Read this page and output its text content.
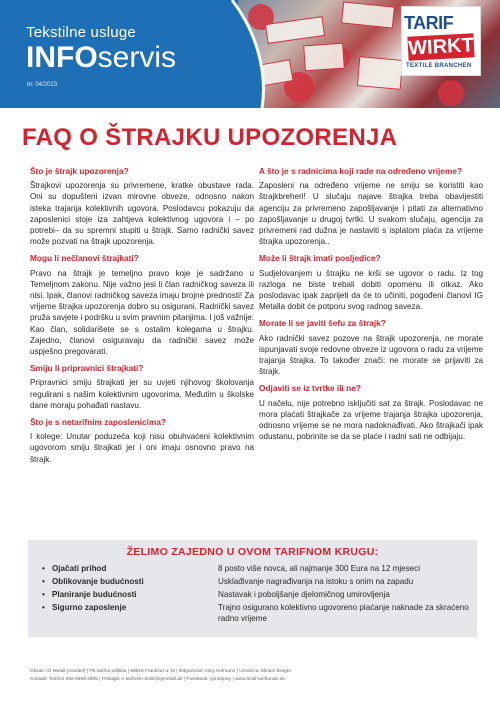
Tekstilne usluge
INFOservis
br. 04/2023
TARIF
WIRKT
TEXTILE BRANCHEN
FAQ O ŠTRAJKU UPOZORENJA
Što je štrajk upozorenja?
Štrajkovi upozorenja su privremene, kratke obustave rada. Oni su dopušteni izvan mirovne obveze, odnosno nakon isteka trajanja kolektivnih ugovora. Poslodavcu pokazuju da zaposlenici stoje iza zahtjeva kolektivnog ugovora i – po potrebi– da su spremni stupiti u štrajk. Samo radnički savez može pozvati na štrajk upozorenja.
Mogu li nečlanovi štrajkati?
Pravo na štrajk je temeljno pravo koje je sadržano u Temeljnom zakonu. Nije važno jesi li član radničkog saveza ili nisi. Ipak, članovi radničkog saveza imaju brojne prednosti! Za vrijeme štrajka upozorenja dobro su osigurani. Radnički savez pruža savjete i podršku u svim pravnim pitanjima. I još važnije: Kao član, solidarišete se s ostalim kolegama u štrajku. Zajedno, članovi osiguravaju da radnički savez može uspješno pregovarati.
Smiju li pripravnici štrajkati?
Pripravnici smiju štrajkati jer su uvjeti njihovog školovanja regulirani s našim kolektivnim ugovorima. Međutim u školske dane moraju pohađati nastavu.
Što je s netarifnim zaposlenicima?
I kolege: Unutar poduzeća koji nisu obuhvaćeni kolektivnim ugovorom smiju štrajkati jer i oni imaju osnovno pravo na štrajk.
A što je s radnicima koji rade na određeno vrijeme?
Zaposleni na određeno vrijeme ne smiju se koristiti kao štrajkbreheri! U slučaju najave štrajka treba obavijestiti agenciju za privremeno zapošljavanje i pitati za alternativno zapošljavanje u drugoj tvrtki. U svakom slučaju, agencija za privremeni rad dužna je nastaviti s isplatom plaća za vrijeme štrajka upozorenja..
Može li štrajk imati posljedice?
Sudjelovanjem u štrajku ne krši se ugovor o radu. Iz tog razloga ne biste trebali dobiti opomenu ili otkaz. Ako poslodavac ipak zaprijeti da će to učiniti, pogođeni članovi IG Metalla dobit će potporu svog radnog saveza.
Morate li se javiti šefu za štrajk?
Ako radnički savez pozove na štrajk upozorenja, ne morate ispunjavati svoje redovne obveze iz ugovora o radu za vrijeme trajanja štrajka. To također znači: ne morate se prijaviti za štrajk.
Odjaviti se iz tvrtke ili ne?
U načelu, nije potrebno isključiti sat za štrajk. Poslodavac ne mora plaćati štrajkače za vrijeme trajanja štrajka upozorenja, odnosno vrijeme se ne mora nadoknađivati. Ako štrajkači ipak odustanu, pobrinite se da se plaće i radni sati ne odbijaju.
ŽELIMO ZAJEDNO U OVOM TARIFNOM KRUGU:
• Ojačati prihod	8 posto više novca, ali najmanje 300 Eura na 12 mjeseci
• Oblikovanje budućnosti	Usklađivanje nagrađivanja na istoku s onim na zapadu
• Planiranje budućnosti	Nastavak i poboljšanje djelomičnog umirovljenja
• Sigurno zaposlenje	Trajno osigurano kolektivno ugovoreno plaćanje naknade za skraćeno radno vrijeme
Otisak: IG Metall (novatel) | FB tarifna politika | 60519 Frankfurt a. M | Odgovoran: Jörg Hofmann | Urednica: Miriam Bürger
Kontakt: Telefon 069 6693-2905 | Pošaljite e-tarifnom-textil@igmetall.de | Facebook: igmetpray | www.textil-tarifrunde.de
